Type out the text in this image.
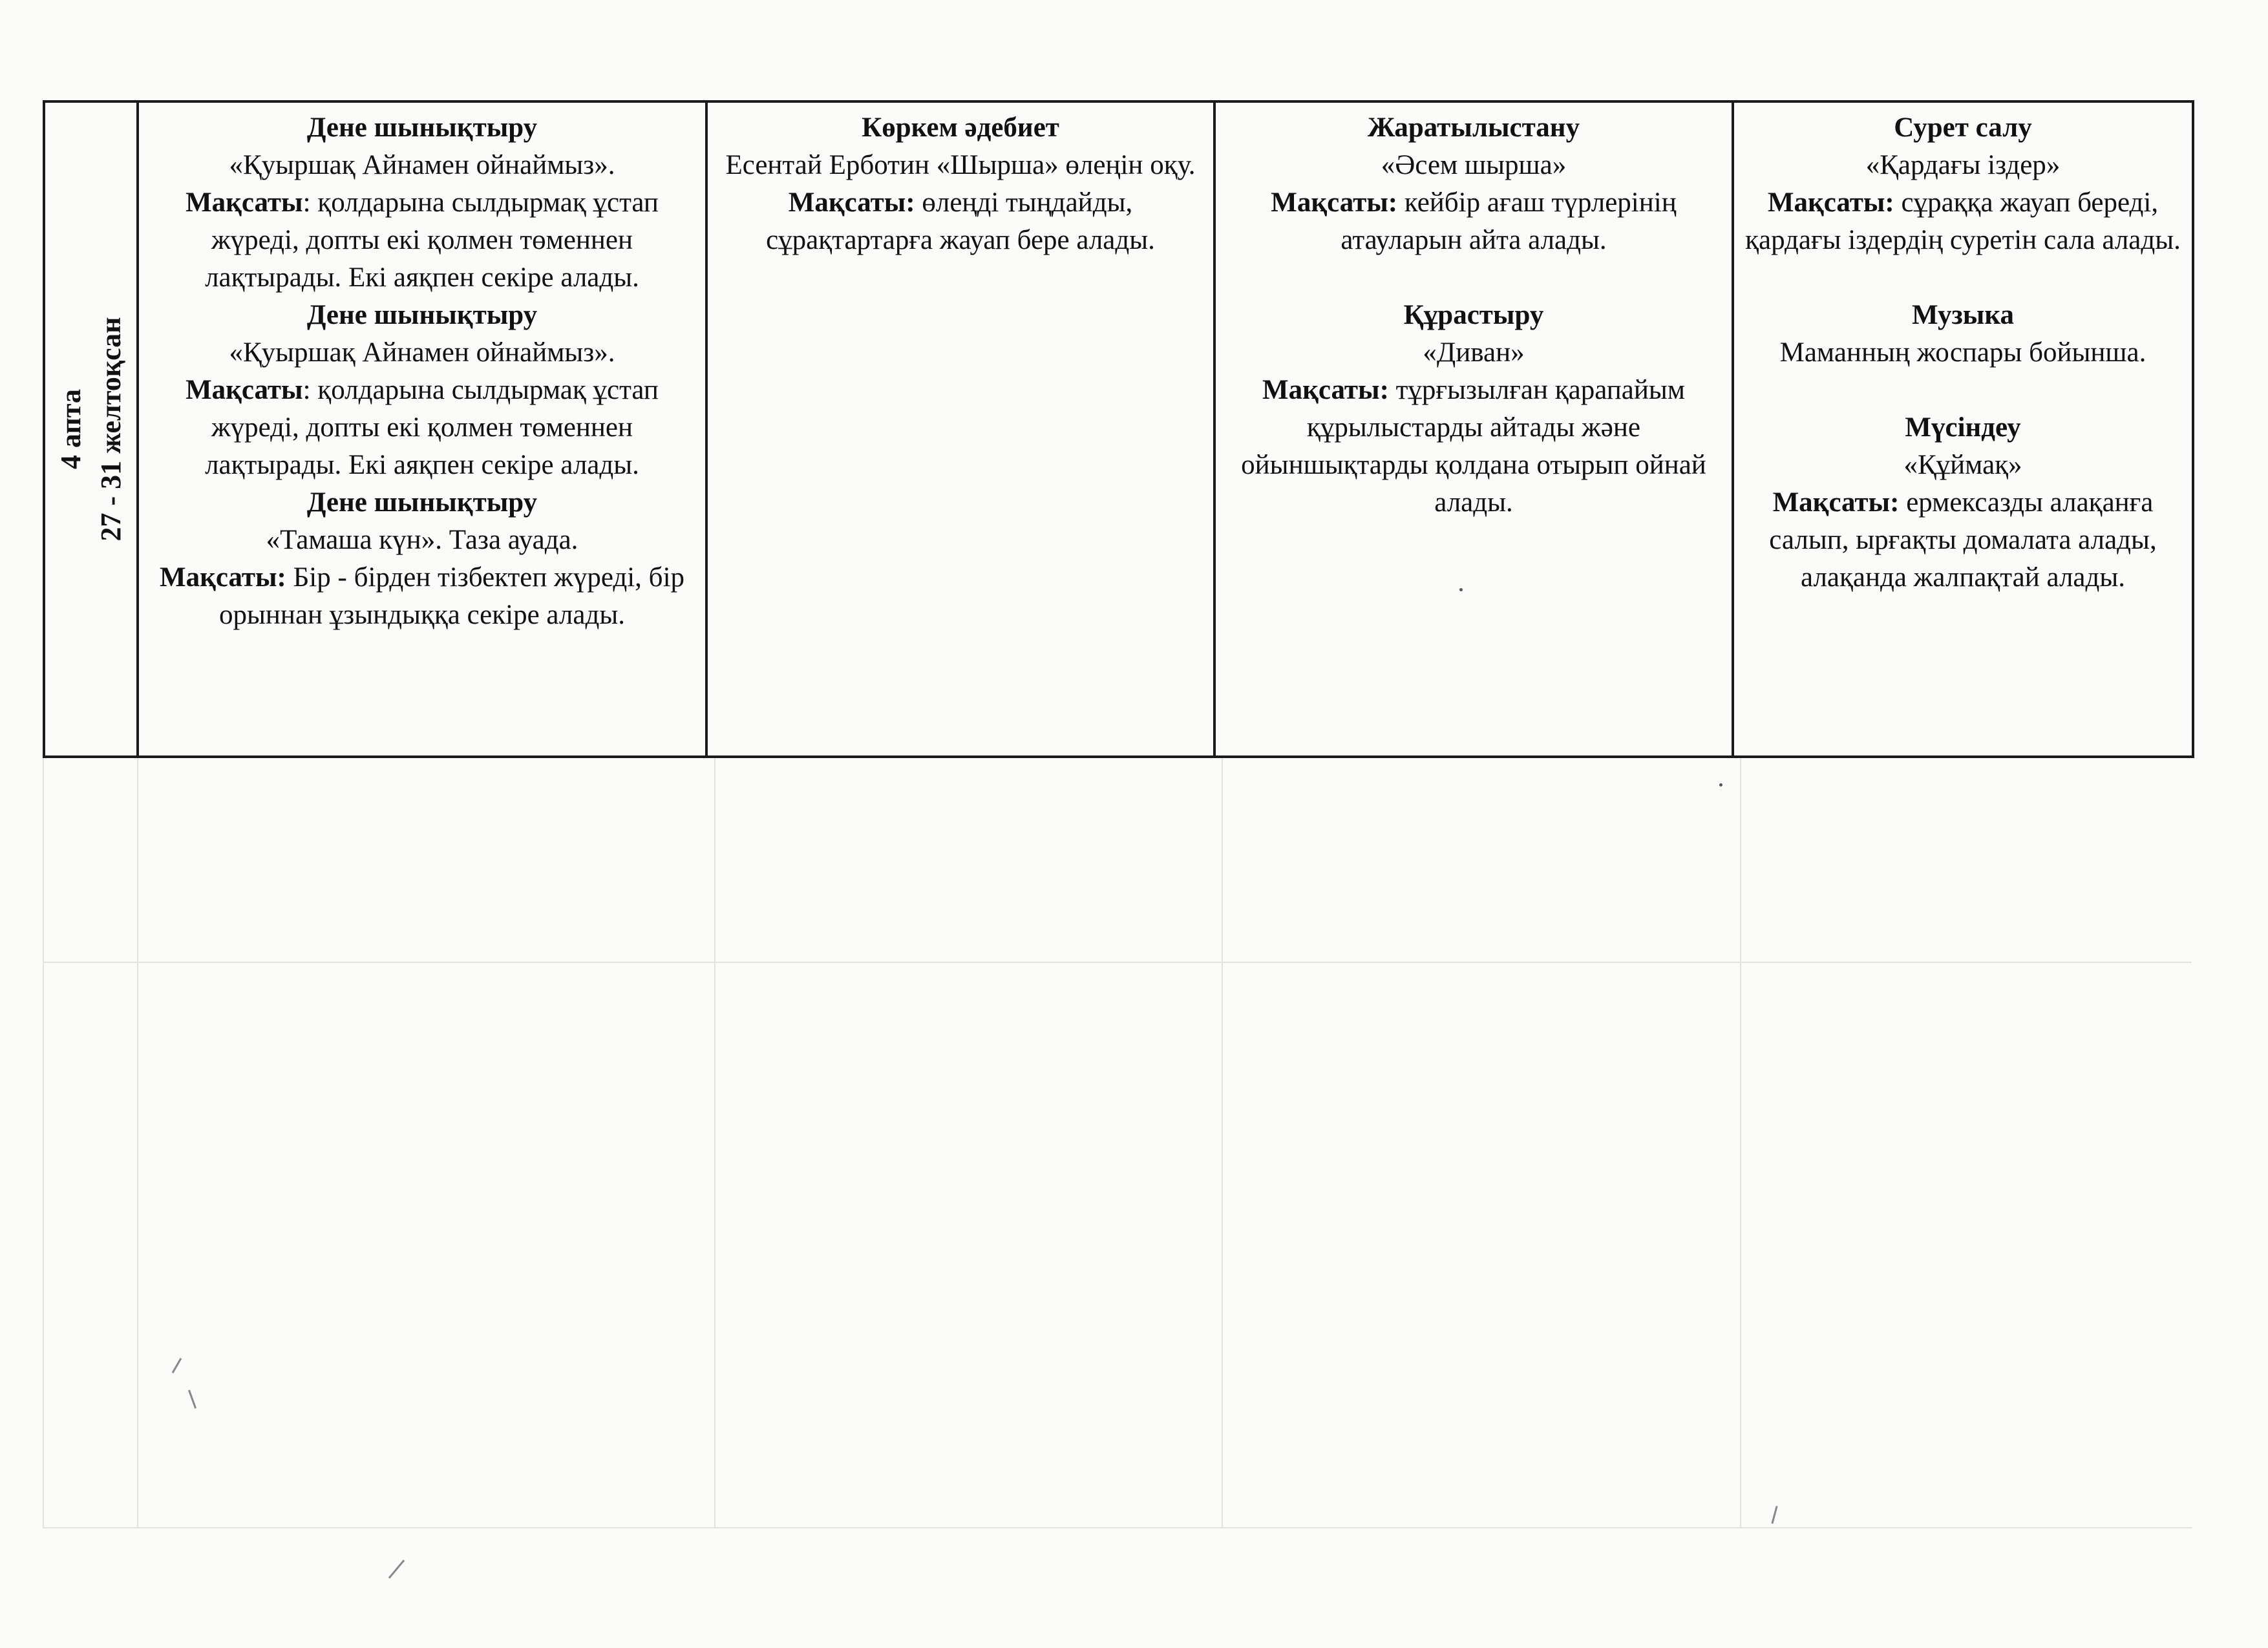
4 апта 27 - 31 желтоқсан

Дене шынықтыру
«Қуыршақ Айнамен ойнаймыз».
Мақсаты: қолдарына сылдырмақ ұстап жүреді, допты екі қолмен төменнен лақтырады. Екі аяқпен секіре алады.
Дене шынықтыру
«Қуыршақ Айнамен ойнаймыз».
Мақсаты: қолдарына сылдырмақ ұстап жүреді, допты екі қолмен төменнен лақтырады. Екі аяқпен секіре алады.
Дене шынықтыру
«Тамаша күн». Таза ауада.
Мақсаты: Бір - бірден тізбектеп жүреді, бір орыннан ұзындыққа секіре алады.

Көркем әдебиет
Есентай Ерботин «Шырша» өлеңін оқу.
Мақсаты: өлеңді тыңдайды, сұрақтартарға жауап бере алады.

Жаратылыстану
«Әсем шырша»
Мақсаты: кейбір ағаш түрлерінің атауларын айта алады.
Құрастыру
«Диван»
Мақсаты: тұрғызылған қарапайым құрылыстарды айтады және ойыншықтарды қолдана отырып ойнай алады.

Сурет салу
«Қардағы іздер»
Мақсаты: сұраққа жауап береді, қардағы іздердің суретін сала алады.
Музыка
Маманның жоспары бойынша.
Мүсіндеу
«Құймақ»
Мақсаты: ермексазды алақанға салып, ырғақты домалата алады, алақанда жалпақтай алады.
